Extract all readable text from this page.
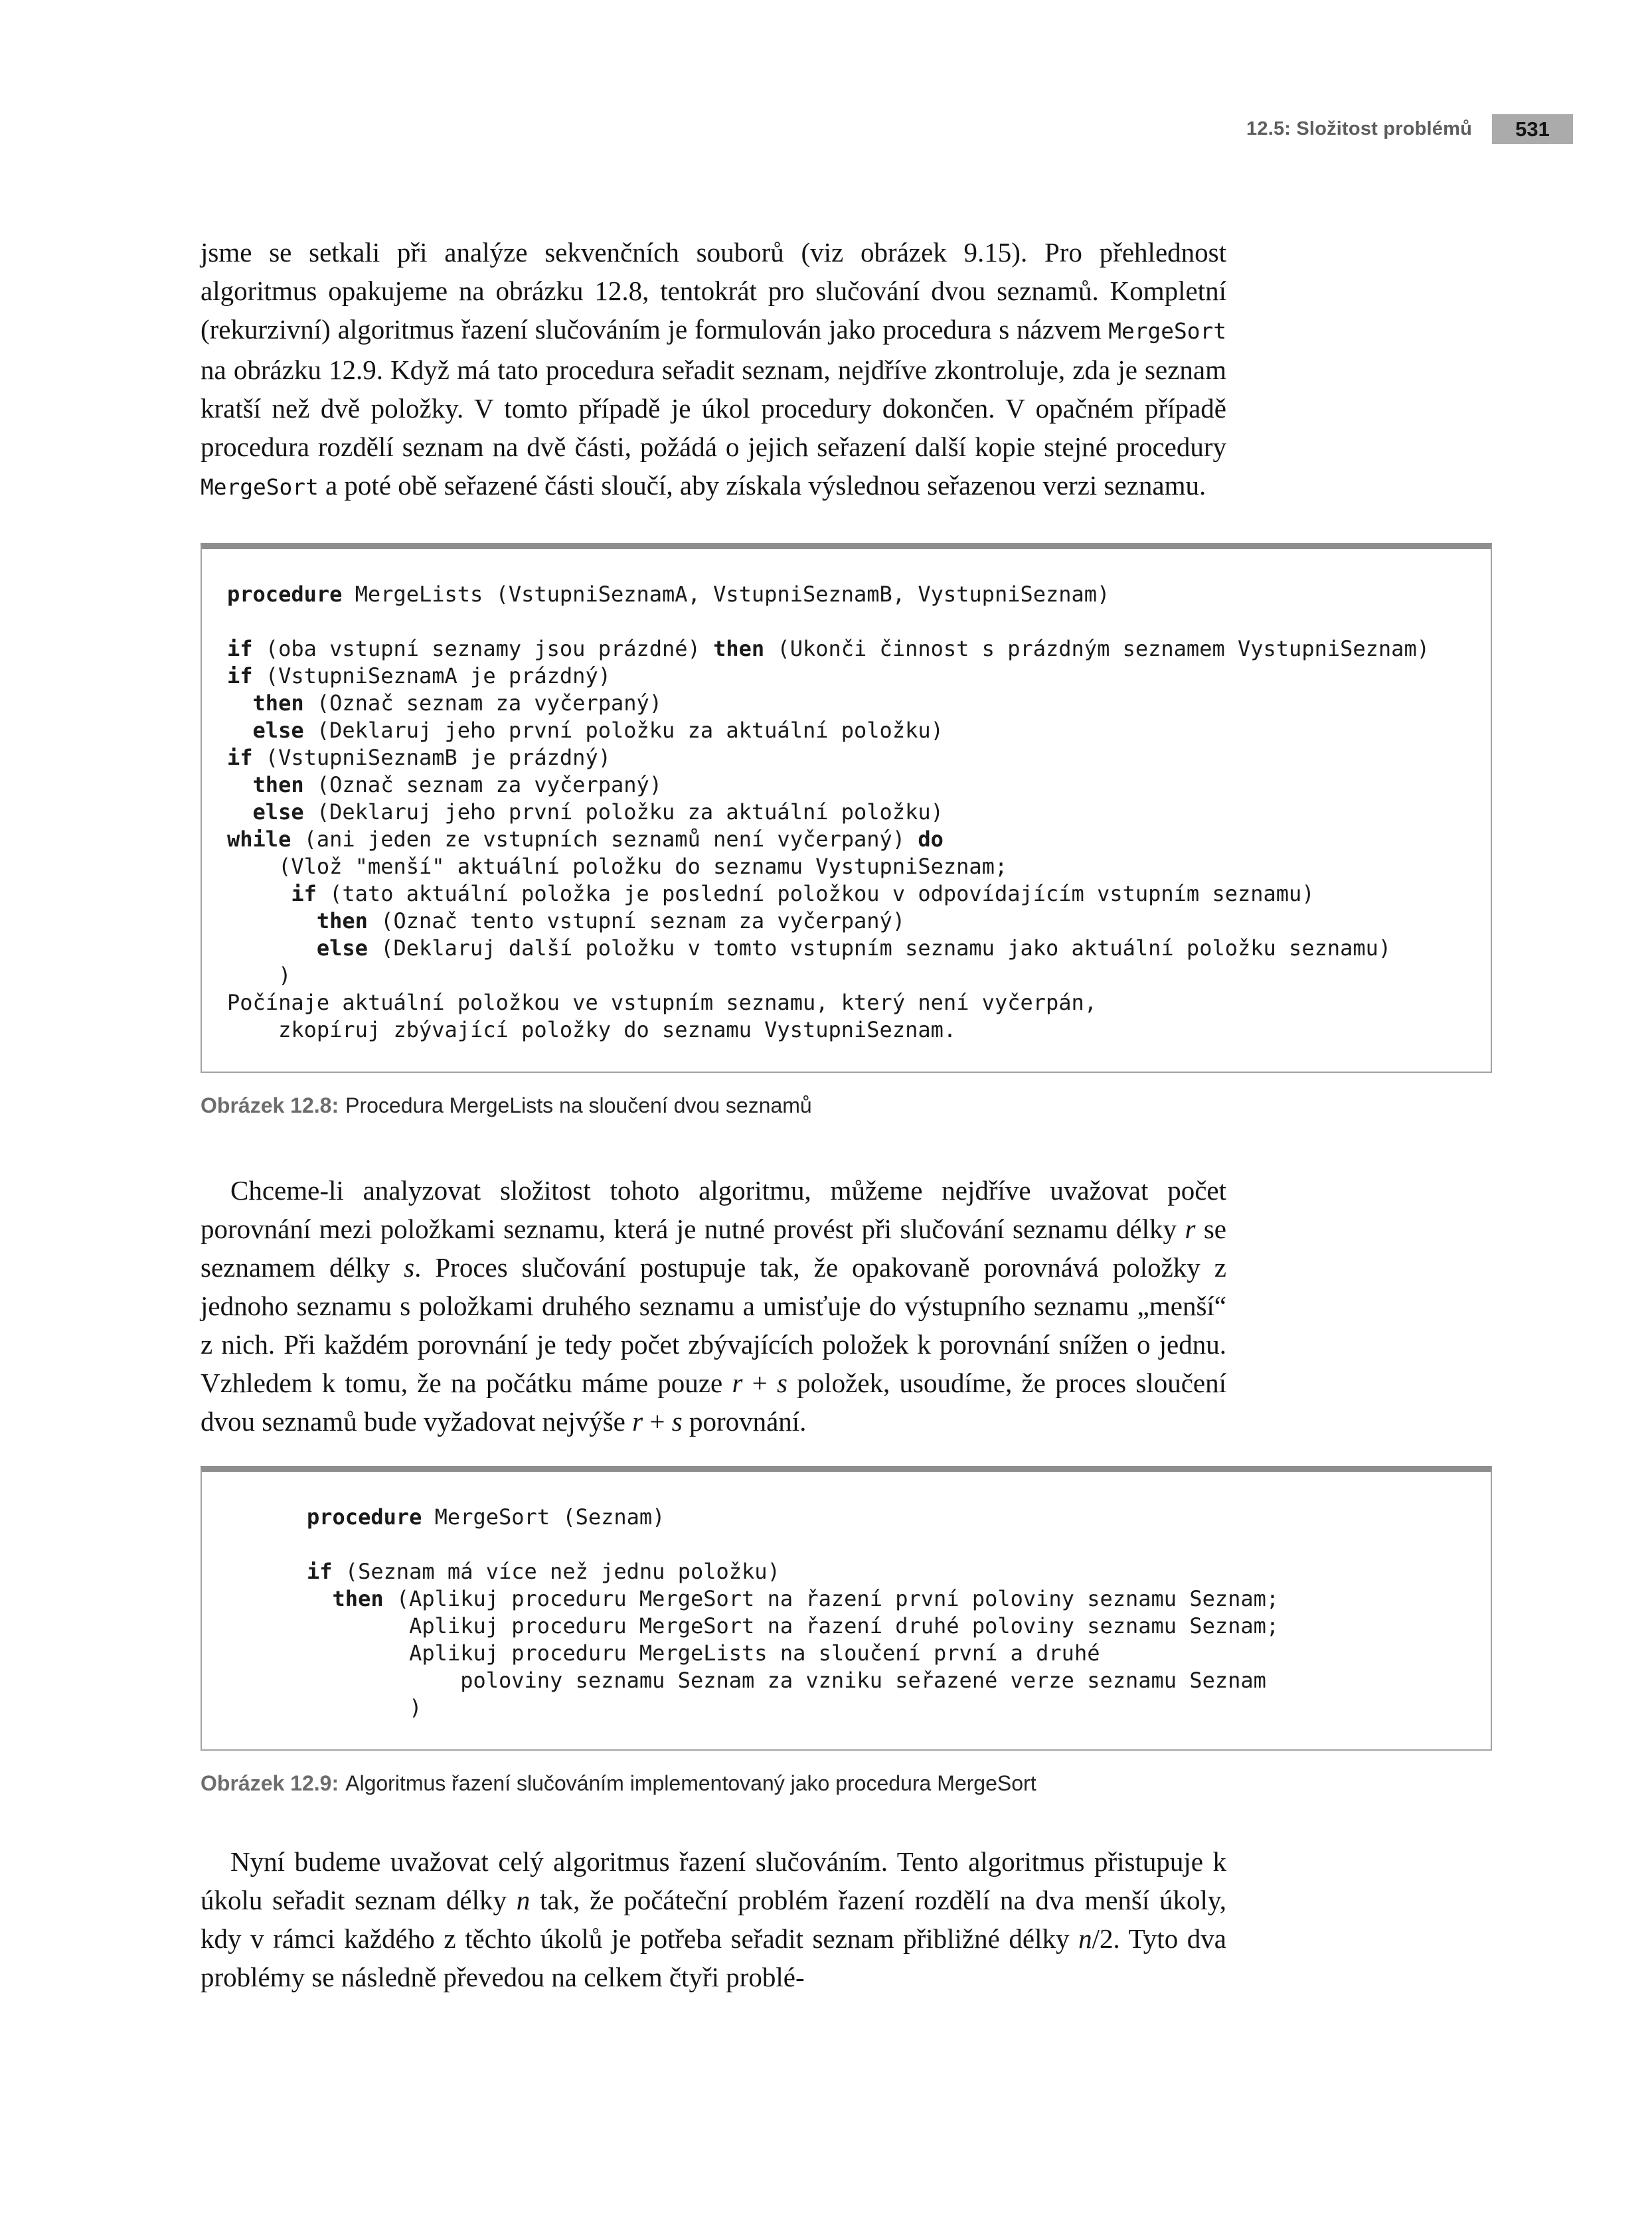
12.5: Složitost problémů 531

jsme se setkali při analýze sekvenčních souborů (viz obrázek 9.15). Pro přehlednost algoritmus opakujeme na obrázku 12.8, tentokrát pro slučování dvou seznamů. Kompletní (rekurzivní) algoritmus řazení slučováním je formulován jako procedura s názvem MergeSort na obrázku 12.9. Když má tato procedura seřadit seznam, nejdříve zkontroluje, zda je seznam kratší než dvě položky. V tomto případě je úkol procedury dokončen. V opačném případě procedura rozdělí seznam na dvě části, požádá o jejich seřazení další kopie stejné procedury MergeSort a poté obě seřazené části sloučí, aby získala výslednou seřazenou verzi seznamu.

procedure MergeLists (VstupniSeznamA, VstupniSeznamB, VystupniSeznam)

if (oba vstupní seznamy jsou prázdné) then (Ukonči činnost s prázdným seznamem VystupniSeznam)
if (VstupniSeznamA je prázdný)
then (Označ seznam za vyčerpaný)
else (Deklaruj jeho první položku za aktuální položku)
if (VstupniSeznamB je prázdný)
then (Označ seznam za vyčerpaný)
else (Deklaruj jeho první položku za aktuální položku)
while (ani jeden ze vstupních seznamů není vyčerpaný) do
(Vlož "menší" aktuální položku do seznamu VystupniSeznam;
if (tato aktuální položka je poslední položkou v odpovídajícím vstupním seznamu)
then (Označ tento vstupní seznam za vyčerpaný)
else (Deklaruj další položku v tomto vstupním seznamu jako aktuální položku seznamu)
)
Počínaje aktuální položkou ve vstupním seznamu, který není vyčerpán,
zkopíruj zbývající položky do seznamu VystupniSeznam.
Obrázek 12.8: Procedura MergeLists na sloučení dvou seznamů

Chceme-li analyzovat složitost tohoto algoritmu, můžeme nejdříve uvažovat počet porovnání mezi položkami seznamu, která je nutné provést při slučování seznamu délky r se seznamem délky s. Proces slučování postupuje tak, že opakovaně porovnává položky z jednoho seznamu s položkami druhého seznamu a umisťuje do výstupního seznamu „menší“ z nich. Při každém porovnání je tedy počet zbývajících položek k porovnání snížen o jednu. Vzhledem k tomu, že na počátku máme pouze r + s položek, usoudíme, že proces sloučení dvou seznamů bude vyžadovat nejvýše r + s porovnání.

procedure MergeSort (Seznam)

if (Seznam má více než jednu položku)
then (Aplikuj proceduru MergeSort na řazení první poloviny seznamu Seznam;
Aplikuj proceduru MergeSort na řazení druhé poloviny seznamu Seznam;
Aplikuj proceduru MergeLists na sloučení první a druhé
poloviny seznamu Seznam za vzniku seřazené verze seznamu Seznam
)
Obrázek 12.9: Algoritmus řazení slučováním implementovaný jako procedura MergeSort

Nyní budeme uvažovat celý algoritmus řazení slučováním. Tento algoritmus přistupuje k úkolu seřadit seznam délky n tak, že počáteční problém řazení rozdělí na dva menší úkoly, kdy v rámci každého z těchto úkolů je potřeba seřadit seznam přibližné délky n/2. Tyto dva problémy se následně převedou na celkem čtyři problé-
